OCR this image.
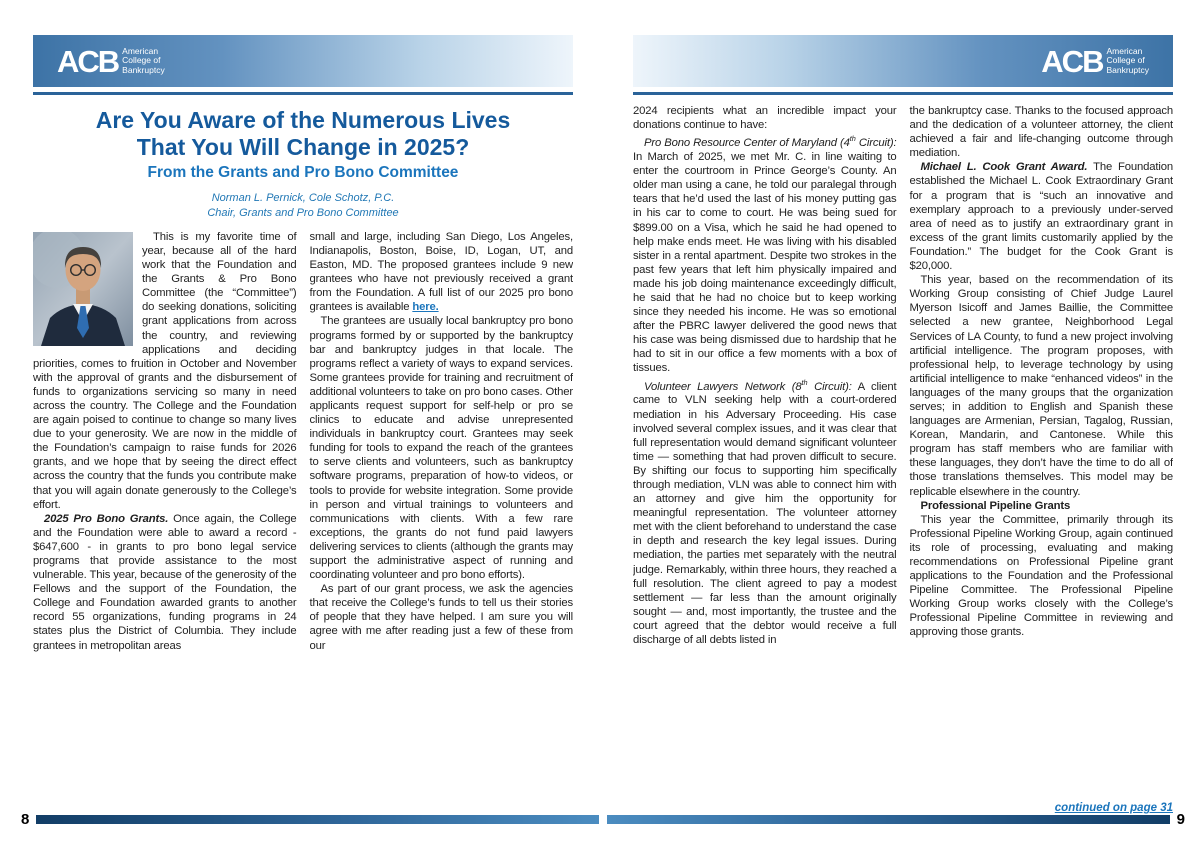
ACB American
College of
Bankruptcy
Are You Aware of the Numerous Lives
That You Will Change in 2025?
From the Grants and Pro Bono Committee
Norman L. Pernick, Cole Schotz, P.C.
Chair, Grants and Pro Bono Committee

This is my favorite time of year, because all of the hard work that the Foundation and the Grants & Pro Bono Committee (the “Committee”) do seeking donations, soliciting grant applications from across the country, and reviewing applications and deciding priorities, comes to fruition in October and November with the approval of grants and the disbursement of funds to organizations servicing so many in need across the country. The College and the Foundation are again poised to continue to change so many lives due to your generosity. We are now in the middle of the Foundation’s campaign to raise funds for 2026 grants, and we hope that by seeing the direct effect across the country that the funds you contribute make that you will again donate generously to the College’s effort.

2025 Pro Bono Grants. Once again, the College and the Foundation were able to award a record - $647,600 - in grants to pro bono legal service programs that provide assistance to the most vulnerable. This year, because of the generosity of the Fellows and the support of the Foundation, the College and Foundation awarded grants to another record 55 organizations, funding programs in 24 states plus the District of Columbia. They include grantees in metropolitan areas

small and large, including San Diego, Los Angeles, Indianapolis, Boston, Boise, ID, Logan, UT, and Easton, MD. The proposed grantees include 9 new grantees who have not previously received a grant from the Foundation. A full list of our 2025 pro bono grantees is available here.

The grantees are usually local bankruptcy pro bono programs formed by or supported by the bankruptcy bar and bankruptcy judges in that locale. The programs reflect a variety of ways to expand services. Some grantees provide for training and recruitment of additional volunteers to take on pro bono cases. Other applicants request support for self-help or pro se clinics to educate and advise unrepresented individuals in bankruptcy court. Grantees may seek funding for tools to expand the reach of the grantees to serve clients and volunteers, such as bankruptcy software programs, preparation of how-to videos, or tools to provide for website integration. Some provide in person and virtual trainings to volunteers and communications with clients. With a few rare exceptions, the grants do not fund paid lawyers delivering services to clients (although the grants may support the administrative aspect of running and coordinating volunteer and pro bono efforts).

As part of our grant process, we ask the agencies that receive the College’s funds to tell us their stories of people that they have helped. I am sure you will agree with me after reading just a few of these from our

8
ACB American
College of
Bankruptcy

2024 recipients what an incredible impact your donations continue to have:

Pro Bono Resource Center of Maryland (4th Circuit): In March of 2025, we met Mr. C. in line waiting to enter the courtroom in Prince George’s County. An older man using a cane, he told our paralegal through tears that he’d used the last of his money putting gas in his car to come to court. He was being sued for $899.00 on a Visa, which he said he had opened to help make ends meet. He was living with his disabled sister in a rental apartment. Despite two strokes in the past few years that left him physically impaired and made his job doing maintenance exceedingly difficult, he said that he had no choice but to keep working since they needed his income. He was so emotional after the PBRC lawyer delivered the good news that his case was being dismissed due to hardship that he had to sit in our office a few moments with a box of tissues.

Volunteer Lawyers Network (8th Circuit): A client came to VLN seeking help with a court-ordered mediation in his Adversary Proceeding. His case involved several complex issues, and it was clear that full representation would demand significant volunteer time — something that had proven difficult to secure. By shifting our focus to supporting him specifically through mediation, VLN was able to connect him with an attorney and give him the opportunity for meaningful representation. The volunteer attorney met with the client beforehand to understand the case in depth and research the key legal issues. During mediation, the parties met separately with the neutral judge. Remarkably, within three hours, they reached a full resolution. The client agreed to pay a modest settlement — far less than the amount originally sought — and, most importantly, the trustee and the court agreed that the debtor would receive a full discharge of all debts listed in

the bankruptcy case. Thanks to the focused approach and the dedication of a volunteer attorney, the client achieved a fair and life-changing outcome through mediation.

Michael L. Cook Grant Award. The Foundation established the Michael L. Cook Extraordinary Grant for a program that is “such an innovative and exemplary approach to a previously under-served area of need as to justify an extraordinary grant in excess of the grant limits customarily applied by the Foundation.” The budget for the Cook Grant is $20,000.

This year, based on the recommendation of its Working Group consisting of Chief Judge Laurel Myerson Isicoff and James Baillie, the Committee selected a new grantee, Neighborhood Legal Services of LA County, to fund a new project involving artificial intelligence. The program proposes, with professional help, to leverage technology by using artificial intelligence to make “enhanced videos” in the languages of the many groups that the organization serves; in addition to English and Spanish these languages are Armenian, Persian, Tagalog, Russian, Korean, Mandarin, and Cantonese. While this program has staff members who are familiar with these languages, they don’t have the time to do all of those translations themselves. This model may be replicable elsewhere in the country.

Professional Pipeline Grants

This year the Committee, primarily through its Professional Pipeline Working Group, again continued its role of processing, evaluating and making recommendations on Professional Pipeline grant applications to the Foundation and the Professional Pipeline Committee. The Professional Pipeline Working Group works closely with the College’s Professional Pipeline Committee in reviewing and approving those grants.

continued on page 31
9
